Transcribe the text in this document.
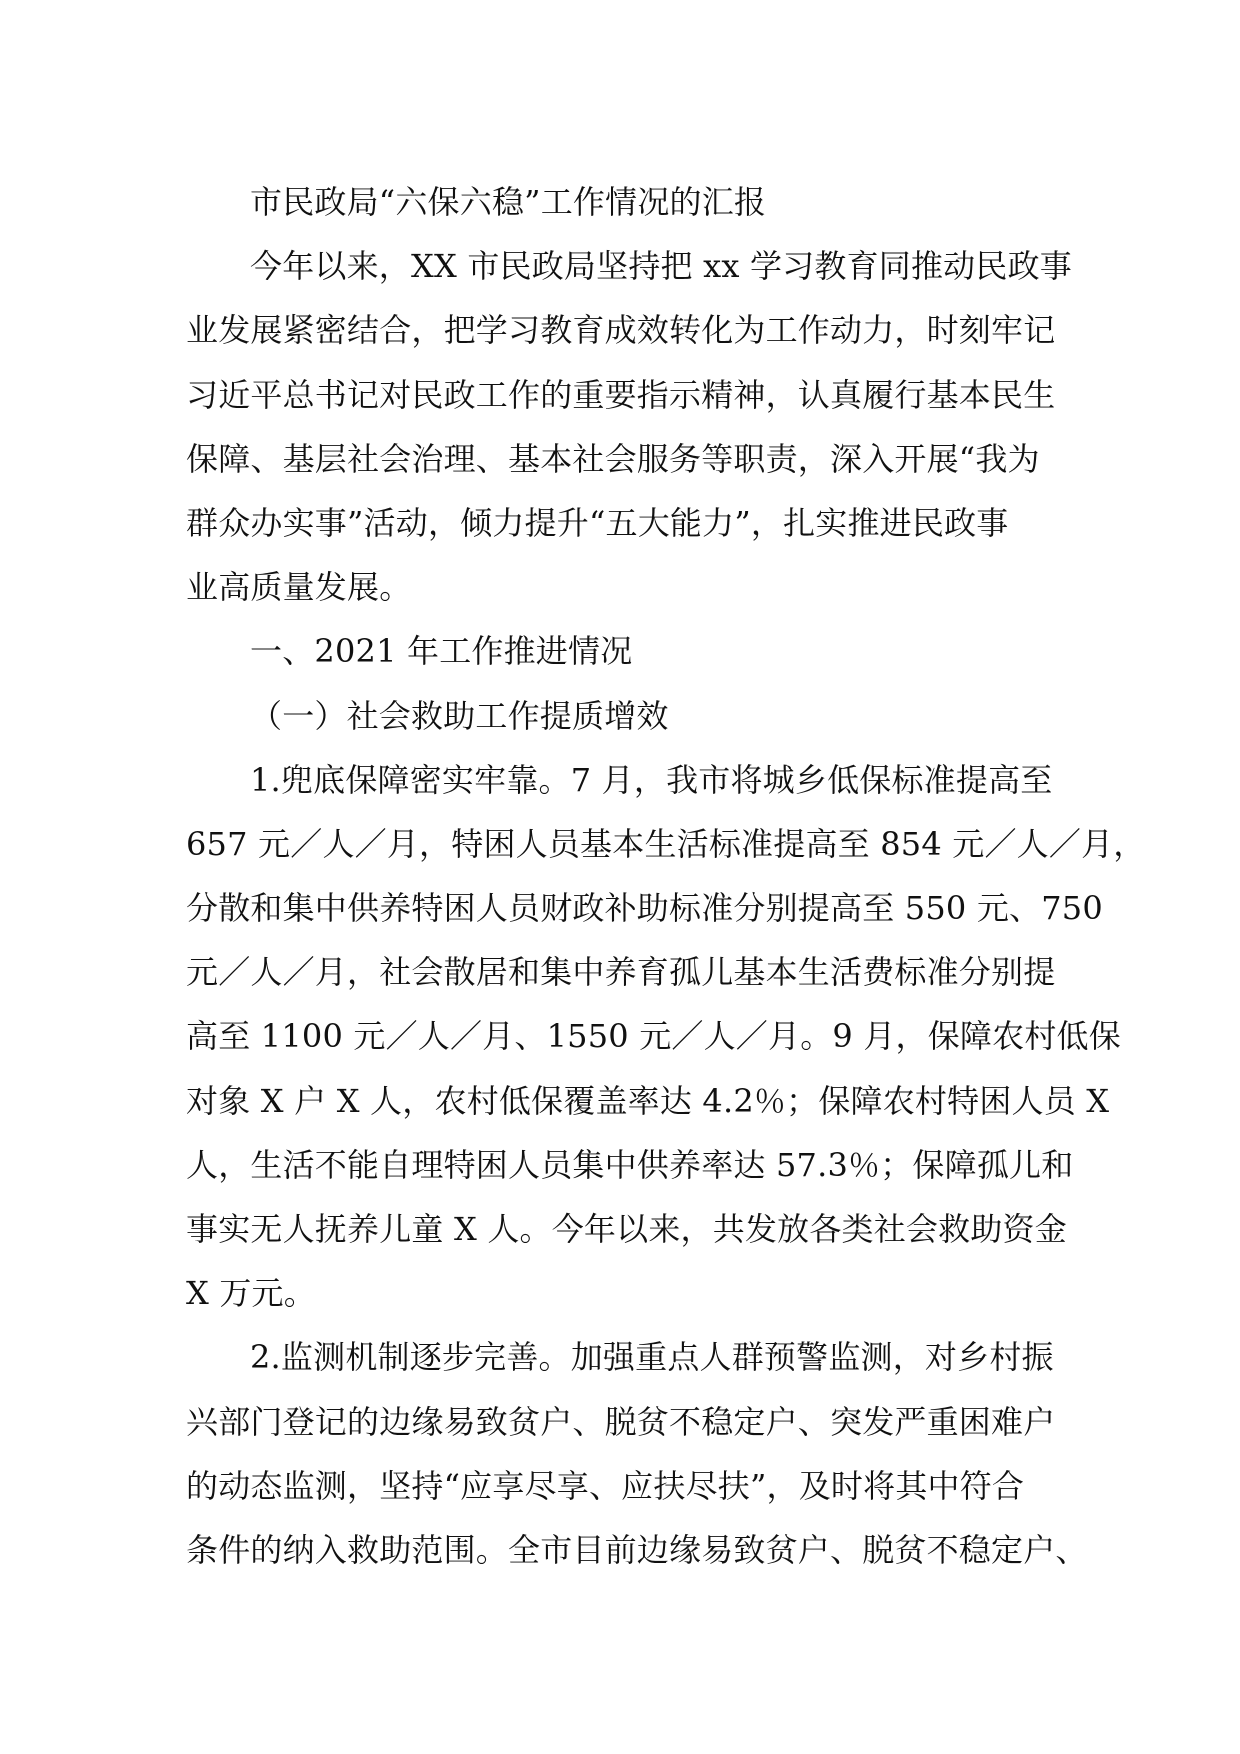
市民政局“六保六稳”工作情况的汇报
今年以来，XX 市民政局坚持把 xx 学习教育同推动民政事
业发展紧密结合，把学习教育成效转化为工作动力，时刻牢记
习近平总书记对民政工作的重要指示精神，认真履行基本民生
保障、基层社会治理、基本社会服务等职责，深入开展“我为
群众办实事”活动，倾力提升“五大能力”，扎实推进民政事
业高质量发展。
一、2021 年工作推进情况
（一）社会救助工作提质增效
1.兜底保障密实牢靠。7 月，我市将城乡低保标准提高至
657 元／人／月，特困人员基本生活标准提高至 854 元／人／月，
分散和集中供养特困人员财政补助标准分别提高至 550 元、750
元／人／月，社会散居和集中养育孤儿基本生活费标准分别提
高至 1100 元／人／月、1550 元／人／月。9 月，保障农村低保
对象 X 户 X 人，农村低保覆盖率达 4.2％；保障农村特困人员 X
人，生活不能自理特困人员集中供养率达 57.3％；保障孤儿和
事实无人抚养儿童 X 人。今年以来，共发放各类社会救助资金
X 万元。
2.监测机制逐步完善。加强重点人群预警监测，对乡村振
兴部门登记的边缘易致贫户、脱贫不稳定户、突发严重困难户
的动态监测，坚持“应享尽享、应扶尽扶”，及时将其中符合
条件的纳入救助范围。全市目前边缘易致贫户、脱贫不稳定户、
